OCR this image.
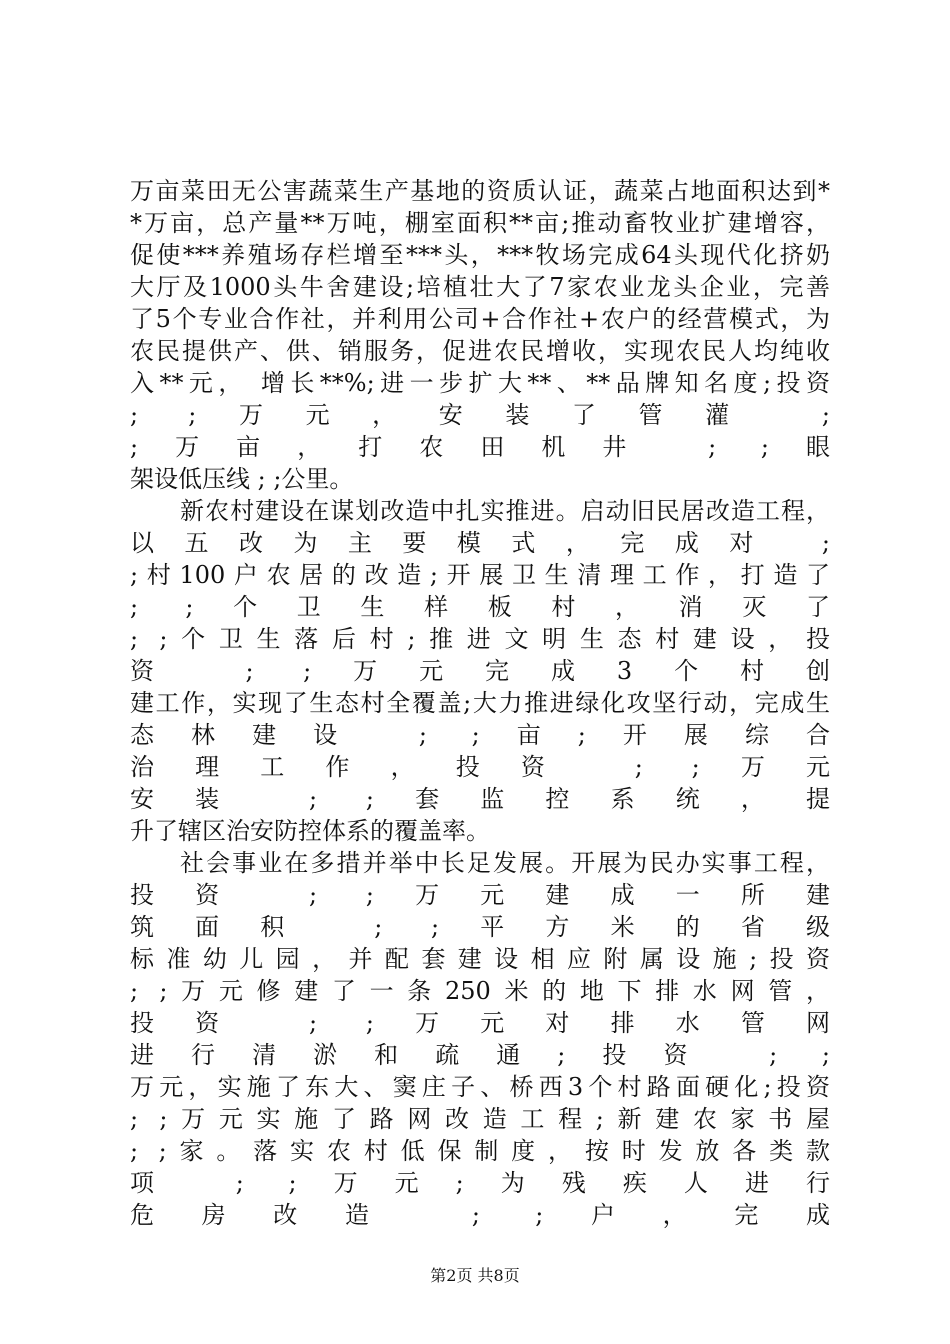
万亩菜田无公害蔬菜生产基地的资质认证，蔬菜占地面积达到*
*万亩，总产量**万吨，棚室面积**亩;推动畜牧业扩建增容，
促使***养殖场存栏增至***头，***牧场完成64头现代化挤奶
大厅及1000头牛舍建设;培植壮大了7家农业龙头企业，完善
了5个专业合作社，并利用公司+合作社+农户的经营模式，为
农民提供产、供、销服务，促进农民增收，实现农民人均纯收
入**元， 增长**%;进一步扩大**、**品牌知名度;投资
; ;万元，安装了管灌 ;
;万亩，打农田机井 ; ;眼
架设低压线 ; ;公里。
新农村建设在谋划改造中扎实推进。启动旧民居改造工程，
以五改为主要模式，完成对 ;
;村100户农居的改造;开展卫生清理工作，打造了
; ;个卫生样板村，消灭了
; ;个卫生落后村;推进文明生态村建设，投
资 ; ;万元完成3个村创
建工作，实现了生态村全覆盖;大力推进绿化攻坚行动，完成生
态林建设 ; ;亩;开展综合
治理工作，投资 ; ;万元
安装 ; ;套监控系统，提
升了辖区治安防控体系的覆盖率。
社会事业在多措并举中长足发展。开展为民办实事工程，
投资 ; ;万元建成一所建
筑面积 ; ;平方米的省级
标准幼儿园，并配套建设相应附属设施;投资
; ;万元修建了一条250米的地下排水网管，
投资 ; ;万元对排水管网
进行清淤和疏通;投资 ; ;
万元，实施了东大、窦庄子、桥西3个村路面硬化;投资
; ;万元实施了路网改造工程;新建农家书屋
; ;家。落实农村低保制度，按时发放各类款
项 ; ;万元;为残疾人进行
危房改造 ; ;户，完成
第2页 共8页
